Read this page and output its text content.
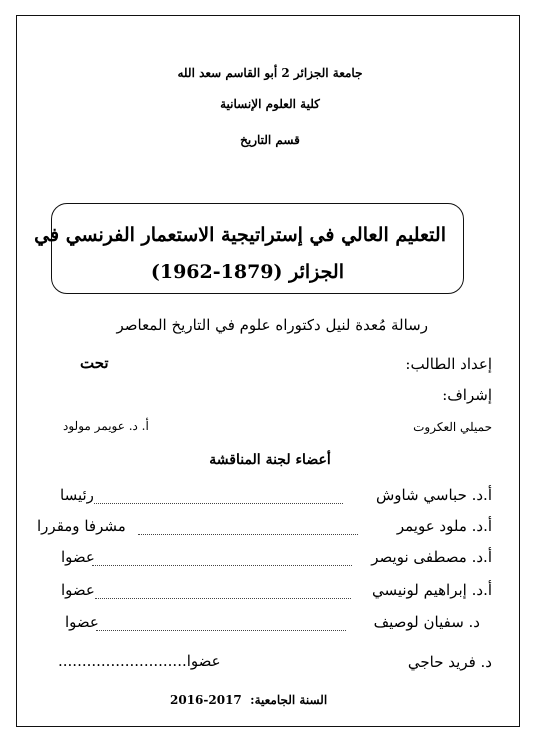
جامعة الجزائر 2 أبو القاسم سعد الله
كلية العلوم الإنسانية
قسم التاريخ
التعليم العالي في إستراتيجية الاستعمار الفرنسي في
الجزائر (1879-1962)
رسالة مُعدة لنيل دكتوراه علوم في التاريخ المعاصر
إعداد الطالب:
تحت
إشراف:
حميلي العكروت
أ. د. عويمر مولود
أعضاء لجنة المناقشة
أ.د. حباسي شاوش
رئيسا
أ.د. ملود عويمر
مشرفا ومقررا
أ.د. مصطفى نويصر
عضوا
أ.د. إبراهيم لونيسي
عضوا
د. سفيان لوصيف
عضوا
د. فريد حاجي
عضوا...........................
السنة الجامعية:  2016-2017
